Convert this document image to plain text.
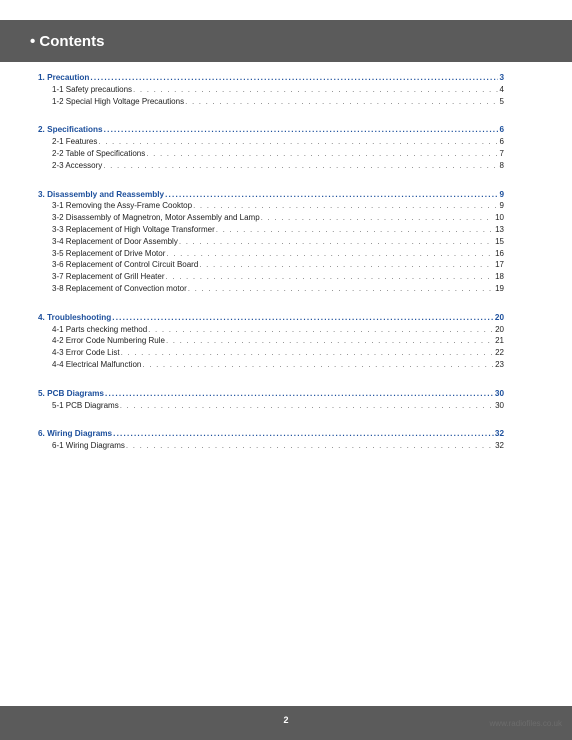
• Contents
1. Precaution .....	3
1-1 Safety precautions . . .	4
1-2 Special High Voltage Precautions . . .	5
2. Specifications .....	6
2-1 Features . . .	6
2-2 Table of Specifications . . .	7
2-3 Accessory . . .	8
3. Disassembly and Reassembly .....	9
3-1 Removing the Assy-Frame Cooktop . . .	9
3-2 Disassembly of Magnetron, Motor Assembly and Lamp . . .	10
3-3 Replacement of High Voltage Transformer . . .	13
3-4 Replacement of Door Assembly . . .	15
3-5 Replacement of Drive Motor . . .	16
3-6 Replacement of Control Circuit Board . . .	17
3-7 Replacement of Grill Heater . . .	18
3-8 Replacement of Convection motor . . .	19
4. Troubleshooting .....	20
4-1 Parts checking method . . .	20
4-2 Error Code Numbering Rule . . .	21
4-3 Error Code List . . .	22
4-4 Electrical Malfunction . . .	23
5. PCB Diagrams .....	30
5-1 PCB Diagrams . . .	30
6. Wiring Diagrams .....	32
6-1 Wiring Diagrams . . .	32
2	www.radiofiles.co.uk
